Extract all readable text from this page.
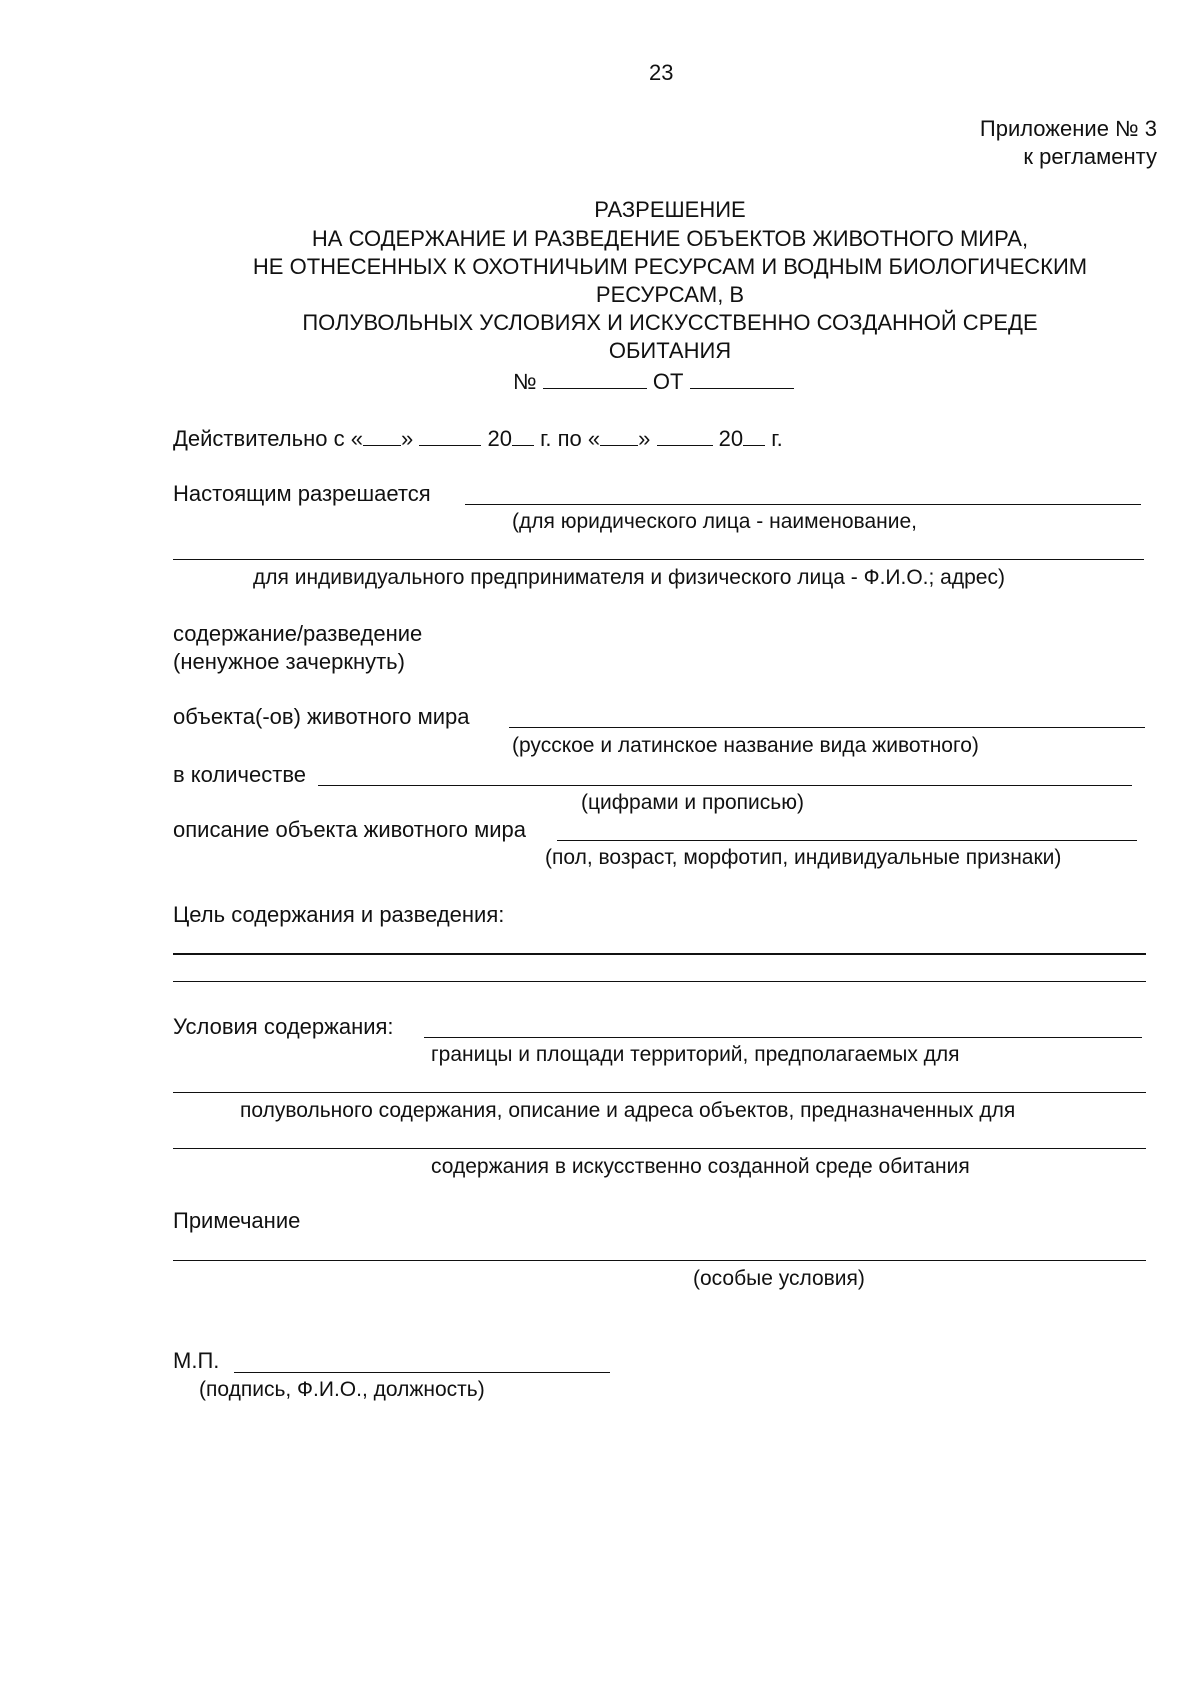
23
Приложение № 3
к регламенту
РАЗРЕШЕНИЕ
НА СОДЕРЖАНИЕ И РАЗВЕДЕНИЕ ОБЪЕКТОВ ЖИВОТНОГО МИРА,
НЕ ОТНЕСЕННЫХ К ОХОТНИЧЬИМ РЕСУРСАМ И ВОДНЫМ БИОЛОГИЧЕСКИМ
РЕСУРСАМ, В
ПОЛУВОЛЬНЫХ УСЛОВИЯХ И ИСКУССТВЕННО СОЗДАННОЙ СРЕДЕ
ОБИТАНИЯ
№	ОТ
Действительно с « »	20 г. по « »	20 г.
Настоящим разрешается
(для юридического лица - наименование,
для индивидуального предпринимателя и физического лица - Ф.И.О.; адрес)
содержание/разведение
(ненужное зачеркнуть)
объекта(-ов) животного мира
(русское и латинское название вида животного)
в количестве
(цифрами и прописью)
описание объекта животного мира
(пол, возраст, морфотип, индивидуальные признаки)
Цель содержания и разведения:
Условия содержания:
границы и площади территорий, предполагаемых для
полувольного содержания, описание и адреса объектов, предназначенных для
содержания в искусственно созданной среде обитания
Примечание
(особые условия)
М.П.
(подпись, Ф.И.О., должность)
